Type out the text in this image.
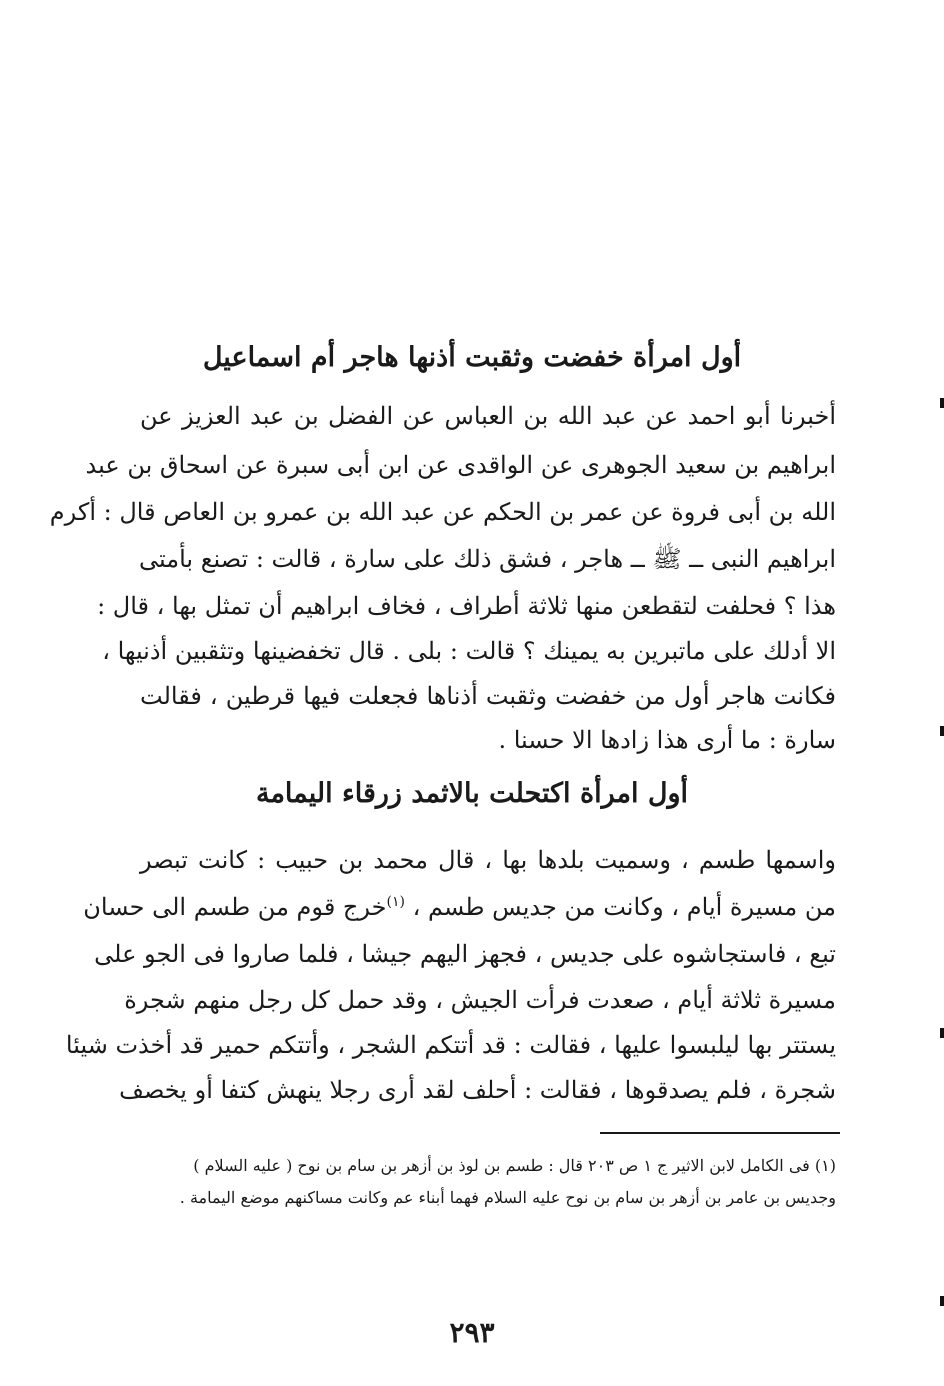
أول امرأة خفضت وثقبت أذنها هاجر أم اسماعيل
أخبرنا أبو احمد عن عبد الله بن العباس عن الفضل بن عبد العزيز عن
ابراهيم بن سعيد الجوهرى عن الواقدى عن ابن أبى سبرة عن اسحاق بن عبد
الله بن أبى فروة عن عمر بن الحكم عن عبد الله بن عمرو بن العاص قال : أكرم
ابراهيم النبى ــ ﷺ ــ هاجر ، فشق ذلك على سارة ، قالت : تصنع بأمتى
هذا ؟ فحلفت لتقطعن منها ثلاثة أطراف ، فخاف ابراهيم أن تمثل بها ، قال :
الا أدلك على ماتبرين به يمينك ؟ قالت : بلى . قال تخفضينها وتثقبين أذنيها ،
فكانت هاجر أول من خفضت وثقبت أذناها فجعلت فيها قرطين ، فقالت
سارة : ما أرى هذا زادها الا حسنا .
أول امرأة اكتحلت بالاثمد زرقاء اليمامة
واسمها طسم ، وسميت بلدها بها ، قال محمد بن حبيب : كانت تبصر
من مسيرة أيام ، وكانت من جديس طسم ، $^{(١)}$خرج قوم من طسم الى حسان
تبع ، فاستجاشوه على جديس ، فجهز اليهم جيشا ، فلما صاروا فى الجو على
مسيرة ثلاثة أيام ، صعدت فرأت الجيش ، وقد حمل كل رجل منهم شجرة
يستتر بها ليلبسوا عليها ، فقالت : قد أتتكم الشجر ، وأتتكم حمير قد أخذت شيئا
شجرة ، فلم يصدقوها ، فقالت : أحلف لقد أرى رجلا ينهش كتفا أو يخصف
(١) فى الكامل لابن الاثير ج ١ ص ٢٠٣ قال : طسم بن لوذ بن أزهر بن سام بن نوح ( عليه السلام )
وجديس بن عامر بن أزهر بن سام بن نوح عليه السلام فهما أبناء عم وكانت مساكنهم موضع اليمامة .
٢٩٣
